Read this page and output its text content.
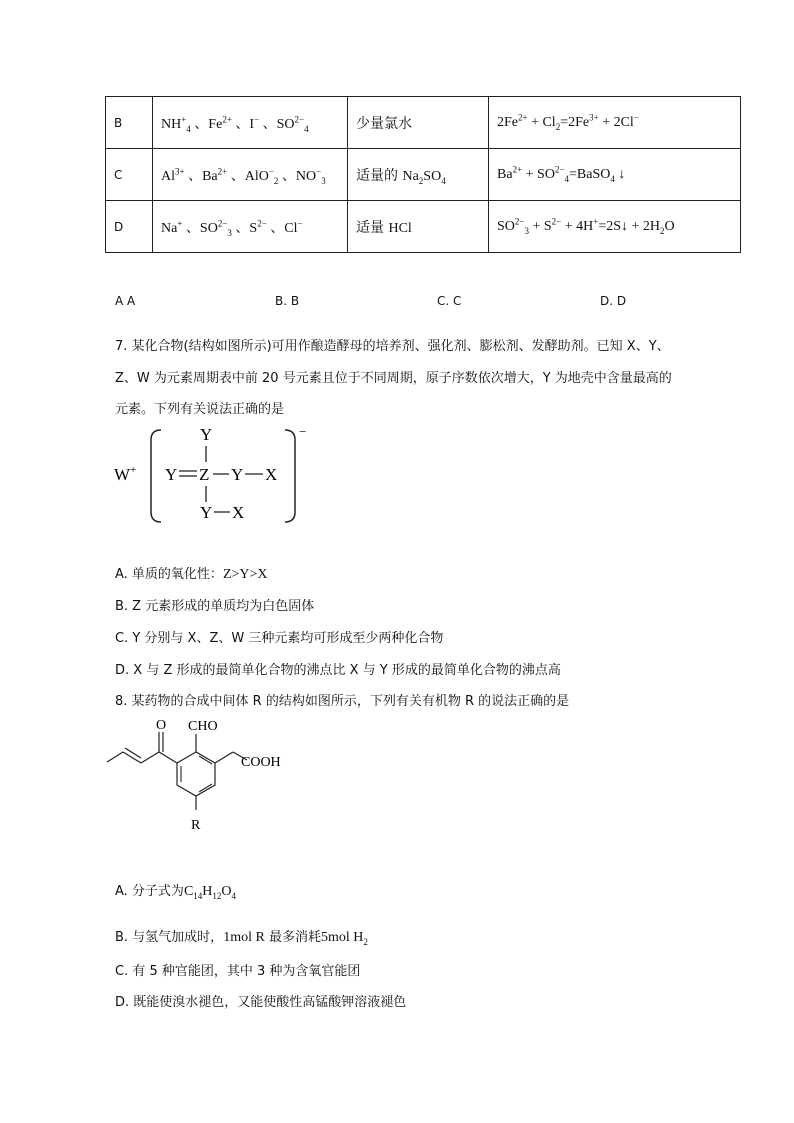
B	$NH^+_4$ 、$Fe^{2+}$ 、I− 、$SO^{2-}_4$	少量氯水	$2Fe^{2+} + Cl_2=2Fe^{3+} + 2Cl^-$
C	$Al^{3+}$ 、$Ba^{2+}$ 、AlO−$_2$ 、$NO^-_3$	适量的 $Na_2SO_4$	$Ba^{2+}$ + $SO^{2-}_4=BaSO_4$ ↓
D	Na+ 、$SO^{2-}_3$ 、$S^{2-}$ 、Cl−	适量 HCl	$SO^{2-}_3 + S^{2-}$ + 4H+=2S↓ + $2H_2O$
A A	B. B	C. C	D. D
7. 某化合物(结构如图所示)可用作酿造酵母的培养剂、强化剂、膨松剂、发酵助剂。已知 X、Y、
Z、W 为元素周期表中前 20 号元素且位于不同周期，原子序数依次增大，Y 为地壳中含量最高的
元素。下列有关说法正确的是
W+
−
Y
Y Z Y X
Y X
A. 单质的氧化性：Z>Y>X
B. Z 元素形成的单质均为白色固体
C. Y 分别与 X、Z、W 三种元素均可形成至少两种化合物
D. X 与 Z 形成的最简单化合物的沸点比 X 与 Y 形成的最简单化合物的沸点高
8. 某药物的合成中间体 R 的结构如图所示，下列有关有机物 R 的说法正确的是
CHO
O
COOH
R
A. 分子式为$C_{14}H_{12}O_4$
B. 与氢气加成时，1mol R 最多消耗5mol $H_2$
C. 有 5 种官能团，其中 3 种为含氧官能团
D. 既能使溴水褪色，又能使酸性高锰酸钾溶液褪色
